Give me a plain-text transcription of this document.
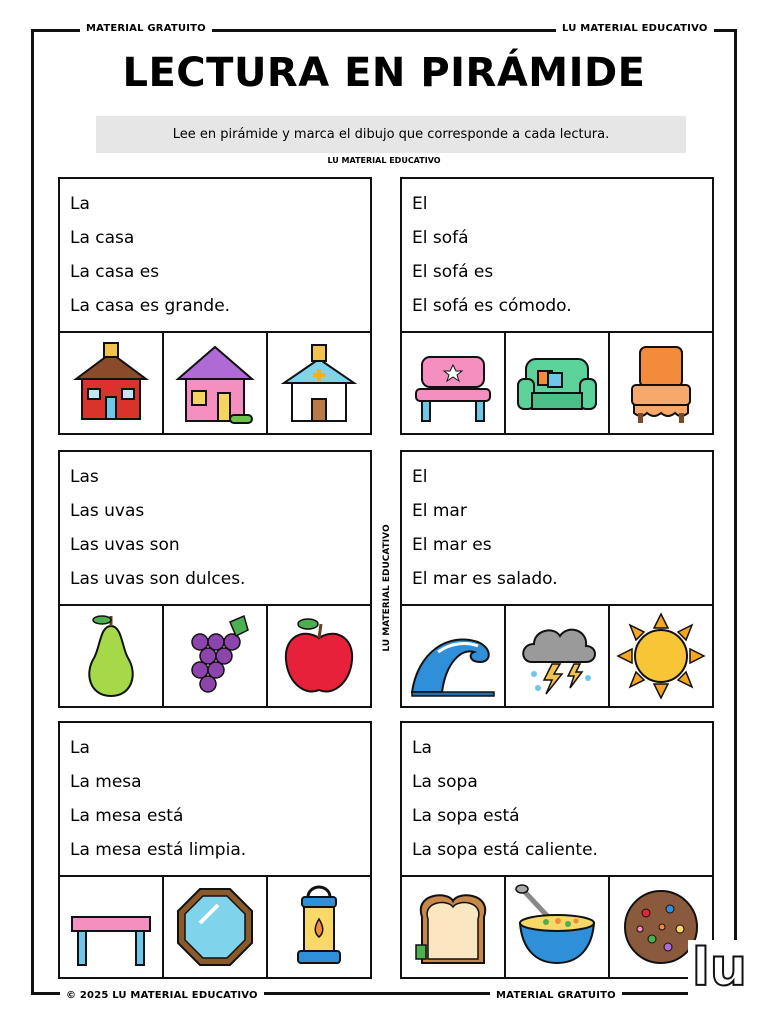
MATERIAL GRATUITO	LU MATERIAL EDUCATIVO
LECTURA EN PIRÁMIDE
Lee en pirámide y marca el dibujo que corresponde a cada lectura.
LU MATERIAL EDUCATIVO
LU MATERIAL EDUCATIVO
La
La casa
La casa es
La casa es grande.
El
El sofá
El sofá es
El sofá es cómodo.
Las
Las uvas
Las uvas son
Las uvas son dulces.
El
El mar
El mar es
El mar es salado.
La
La mesa
La mesa está
La mesa está limpia.
La
La sopa
La sopa está
La sopa está caliente.
© 2025 LU MATERIAL EDUCATIVO	MATERIAL GRATUITO lu
